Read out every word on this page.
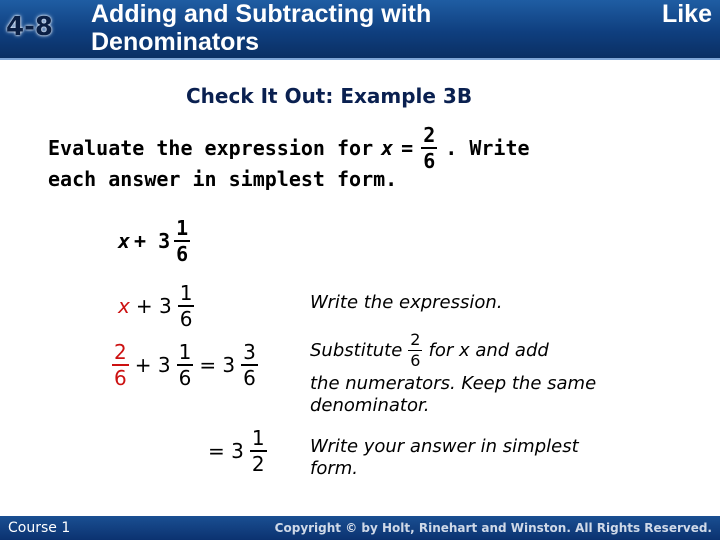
4-8 Adding and Subtracting with
Denominators
Like
Check It Out: Example 3B
Evaluate the expression for $x = \frac{2}{6}$ . Write
each answer in simplest form.
$x + 3 \frac{1}{6}$
$x + 3 \frac{1}{6}$
$\frac{2}{6} + 3 \frac{1}{6} = 3 \frac{3}{6}$
= $3 \frac{1}{2}$
Write the expression.
Substitute $\frac{2}{6}$ for x and add
the numerators. Keep the same
denominator.
Write your answer in simplest
form.
Course 1	Copyright © by Holt, Rinehart and Winston. All Rights Reserved.
